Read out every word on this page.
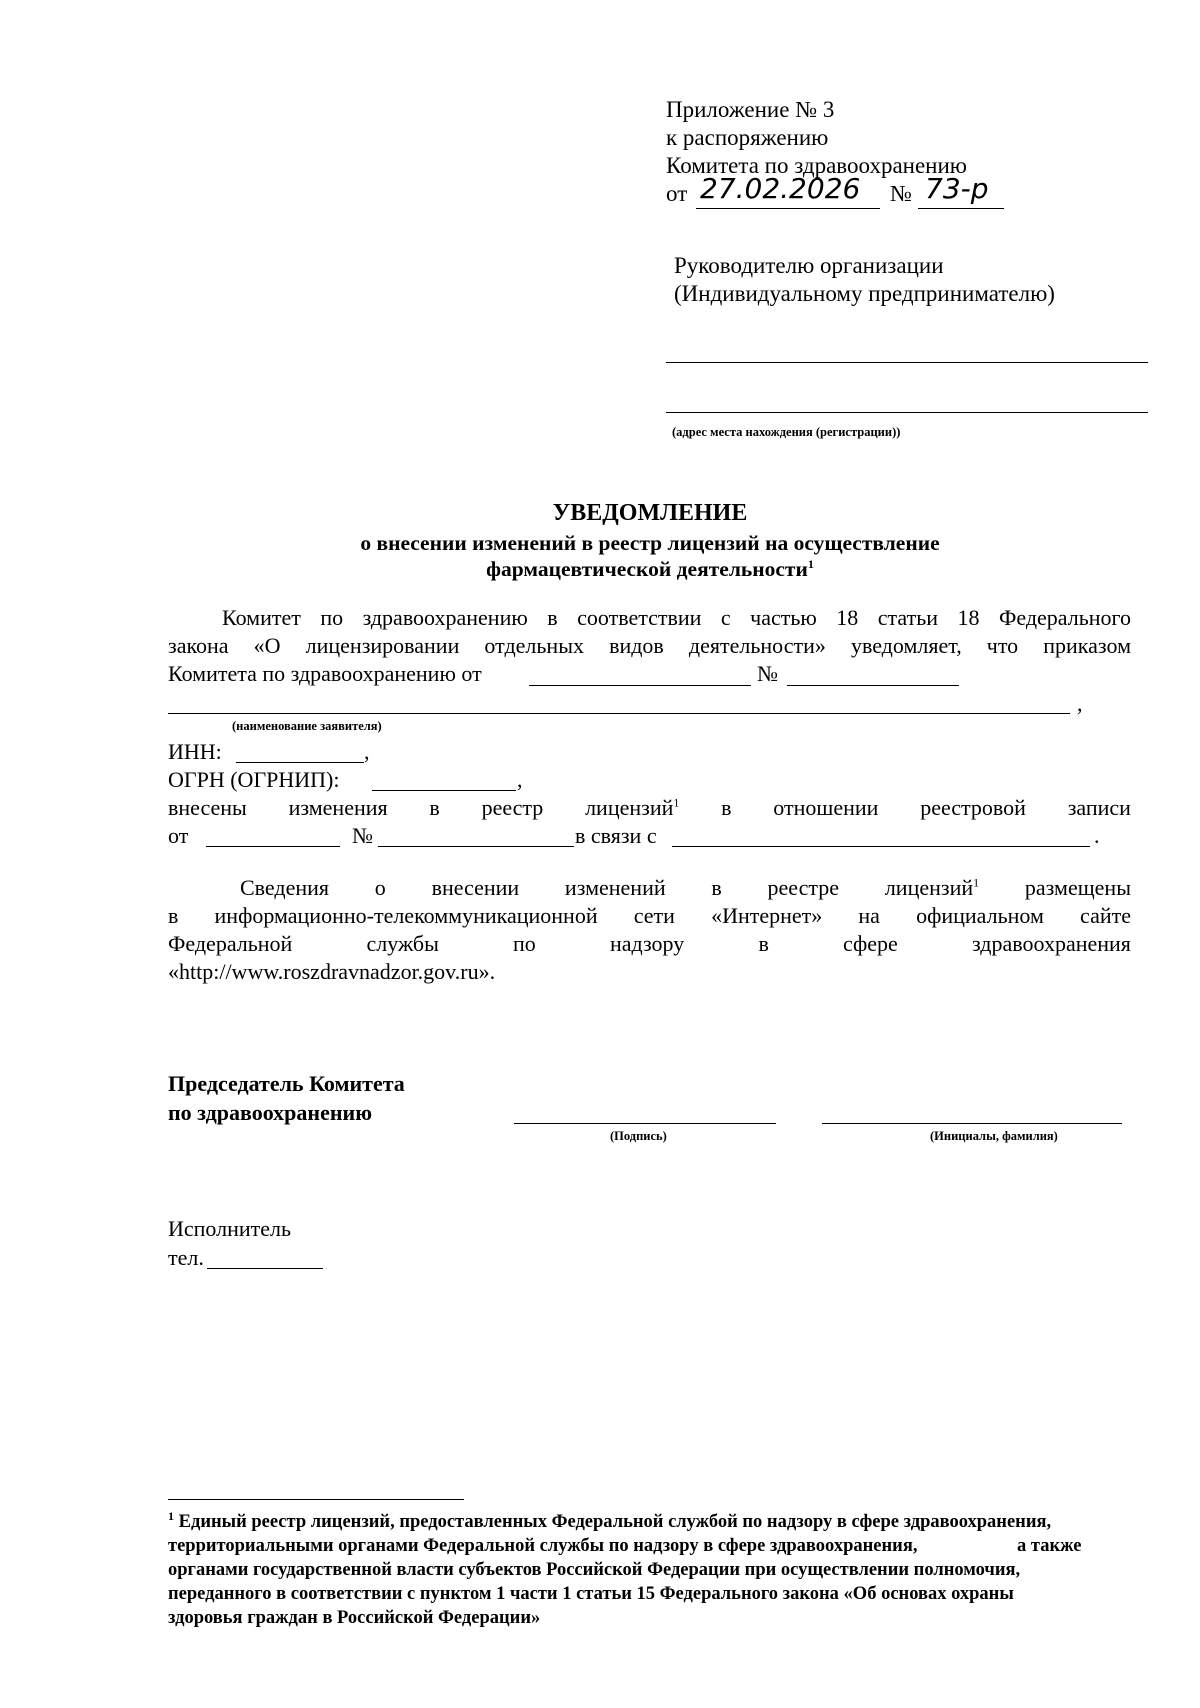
Приложение № 3
к распоряжению
Комитета по здравоохранению
от 27.02.2026 № 73-р
Руководителю организации
(Индивидуальному предпринимателю)
(адрес места нахождения (регистрации))
УВЕДОМЛЕНИЕ
о внесении изменений в реестр лицензий на осуществление
фармацевтической деятельности$^1$
Комитет по здравоохранению в соответствии с частью 18 статьи 18 Федерального
закона «О лицензировании отдельных видов деятельности» уведомляет, что приказом
Комитета по здравоохранению от	№
,
(наименование заявителя)
ИНН:	,
ОГРН (ОГРНИП):	,
внесены изменения в реестр лицензий$^1$ в отношении реестровой записи
от	№	в связи с	.
Сведения о внесении изменений в реестре лицензий$^1$ размещены
в информационно-телекоммуникационной сети «Интернет» на официальном сайте
Федеральной	службы	по	надзору	в	сфере	здравоохранения
«http://www.roszdravnadzor.gov.ru».
Председатель Комитета
по здравоохранению
(Подпись)	(Инициалы, фамилия)
Исполнитель
тел.
$^1$ Единый реестр лицензий, предоставленных Федеральной службой по надзору в сфере здравоохранения,
территориальными органами Федеральной службы по надзору в сфере здравоохранения,	а также
органами государственной власти субъектов Российской Федерации при осуществлении полномочия,
переданного в соответствии с пунктом 1 части 1 статьи 15 Федерального закона «Об основах охраны
здоровья граждан в Российской Федерации»
